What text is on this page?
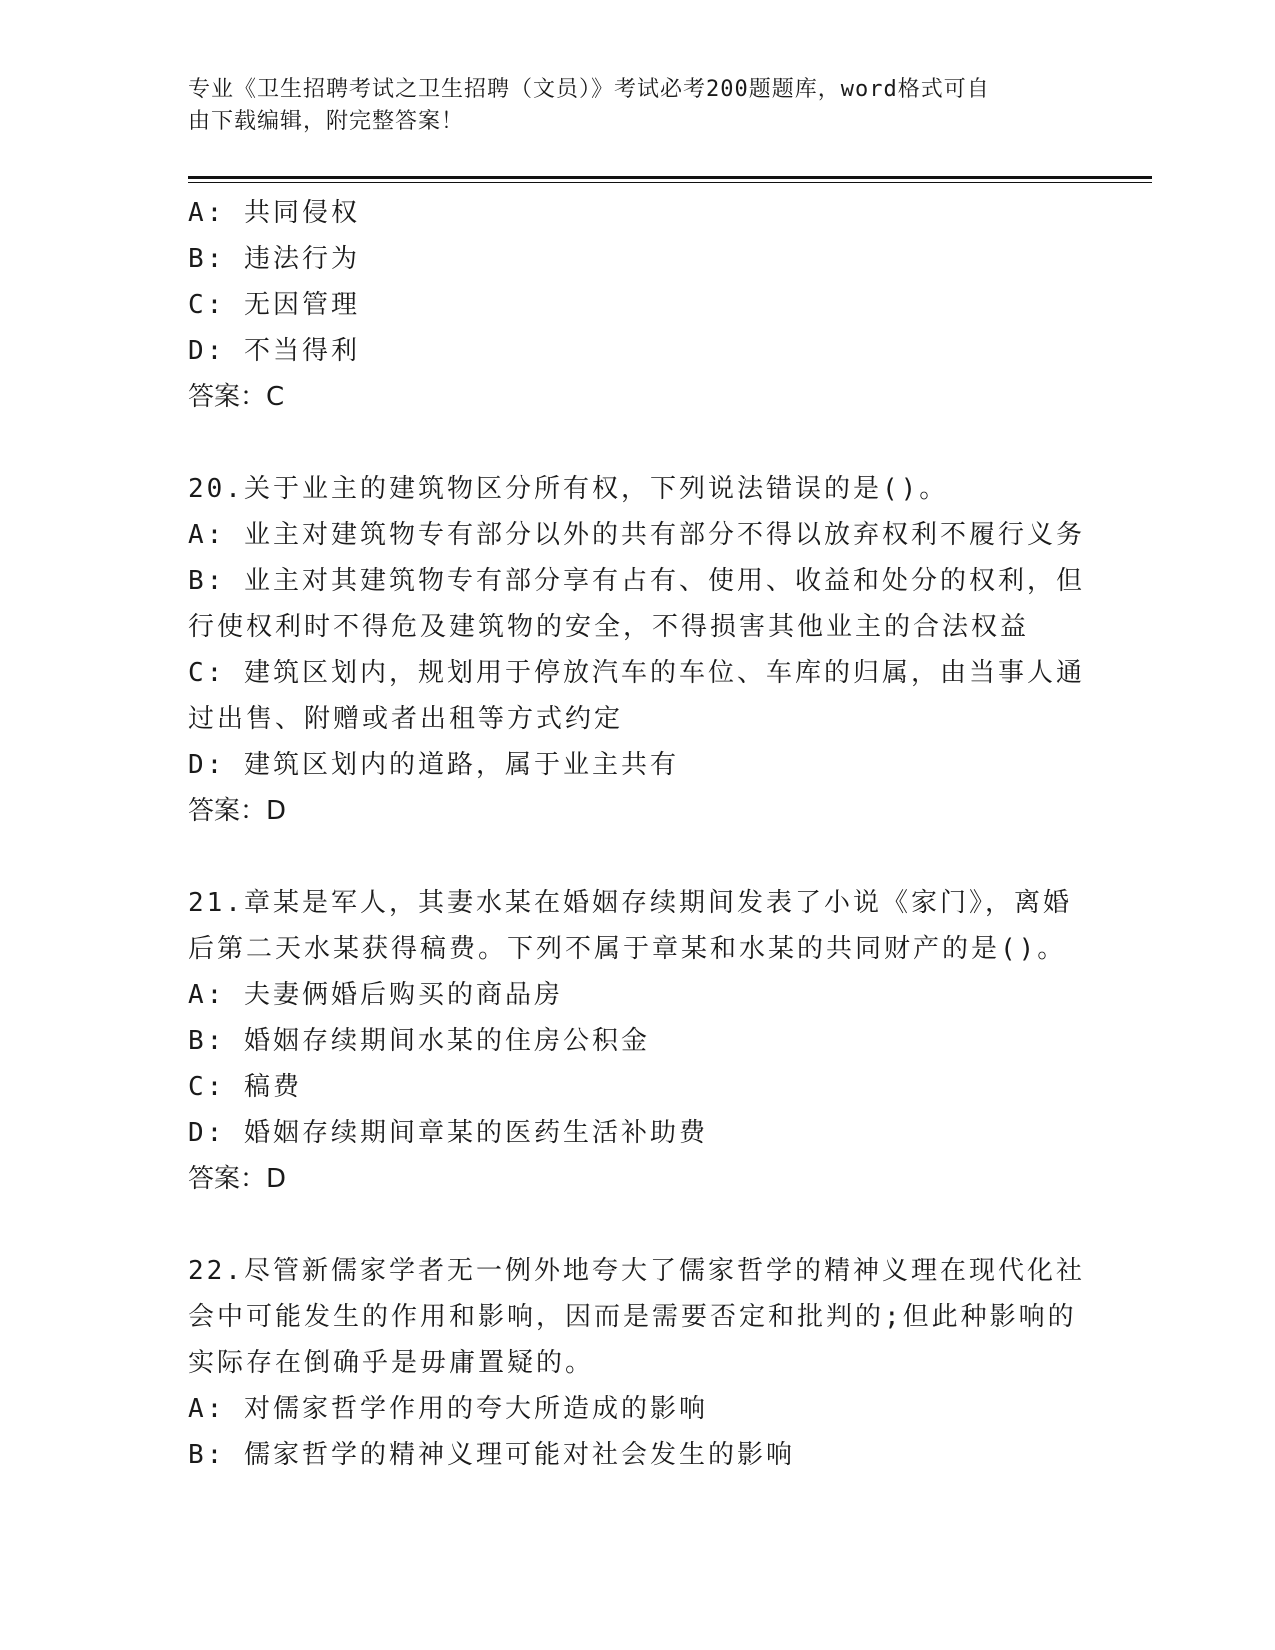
专业《卫生招聘考试之卫生招聘（文员）》考试必考200题题库，word格式可自
由下载编辑，附完整答案！
A: 共同侵权
B: 违法行为
C: 无因管理
D: 不当得利
答案：C
20.关于业主的建筑物区分所有权，下列说法错误的是()。
A: 业主对建筑物专有部分以外的共有部分不得以放弃权利不履行义务
B: 业主对其建筑物专有部分享有占有、使用、收益和处分的权利，但
行使权利时不得危及建筑物的安全，不得损害其他业主的合法权益
C: 建筑区划内，规划用于停放汽车的车位、车库的归属，由当事人通
过出售、附赠或者出租等方式约定
D: 建筑区划内的道路，属于业主共有
答案：D
21.章某是军人，其妻水某在婚姻存续期间发表了小说《家门》，离婚
后第二天水某获得稿费。下列不属于章某和水某的共同财产的是()。
A: 夫妻俩婚后购买的商品房
B: 婚姻存续期间水某的住房公积金
C: 稿费
D: 婚姻存续期间章某的医药生活补助费
答案：D
22.尽管新儒家学者无一例外地夸大了儒家哲学的精神义理在现代化社
会中可能发生的作用和影响，因而是需要否定和批判的;但此种影响的
实际存在倒确乎是毋庸置疑的。
A: 对儒家哲学作用的夸大所造成的影响
B: 儒家哲学的精神义理可能对社会发生的影响
